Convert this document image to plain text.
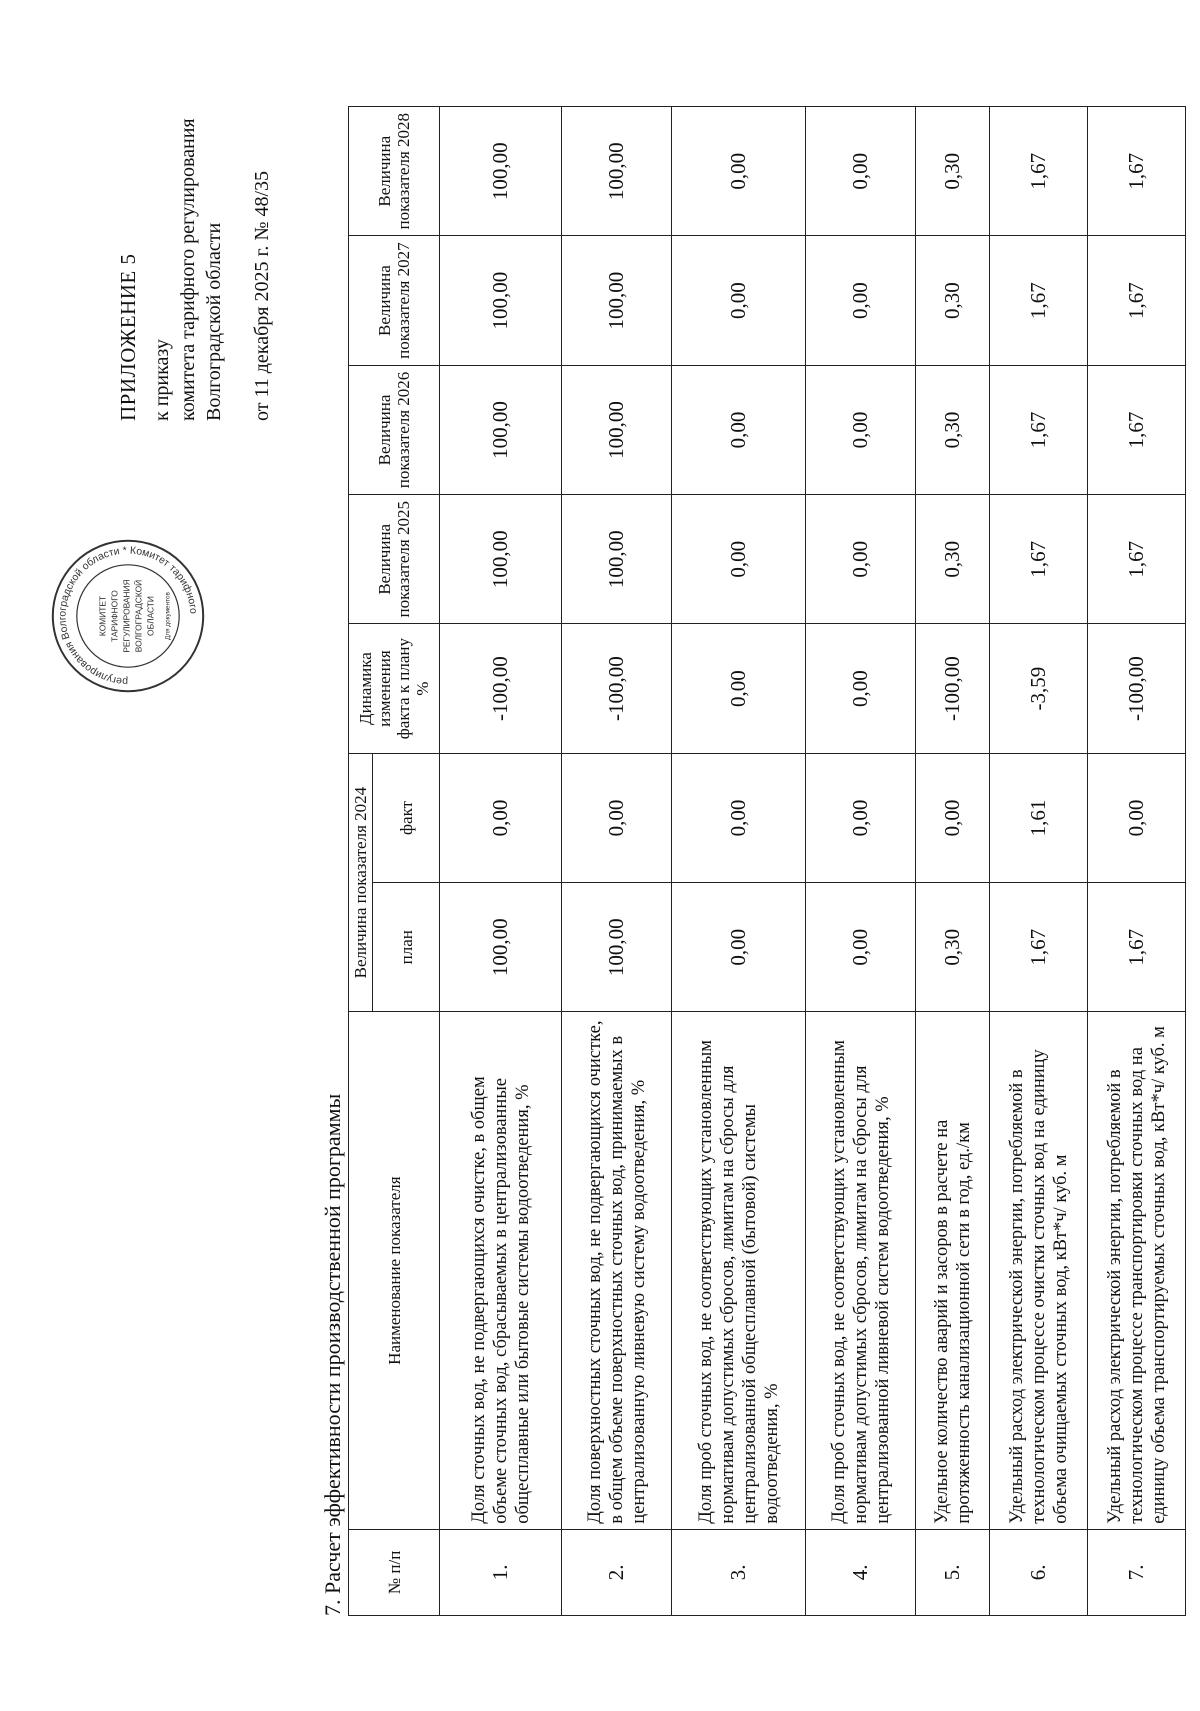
ПРИЛОЖЕНИЕ 5 к приказу комитета тарифного регулирования Волгоградской области от 11 декабря 2025 г. № 48/35
регулирования Волгоградской области * Комитет тарифного
КОМИТЕТ ТАРИФНОГО РЕГУЛИРОВАНИЯ ВОЛГОГРАДСКОЙ ОБЛАСТИ Для документов
7. Расчет эффективности производственной программы № п/п	Наименование показателя	Величина показателя 2024		Динамика изменения факта к плану %	Величина показателя 2025	Величина показателя 2026	Величина показателя 2027	Величина показателя 2028
		план	факт					
1.	Доля сточных вод, не подвергающихся очистке, в общем объеме сточных вод, сбрасываемых в централизованные общесплавные или бытовые системы водоотведения, %	100,00	0,00	-100,00	100,00	100,00	100,00	100,00
2.	Доля поверхностных сточных вод, не подвергающихся очистке, в общем объеме поверхностных сточных вод, принимаемых в централизованную ливневую систему водоотведения, %	100,00	0,00	-100,00	100,00	100,00	100,00	100,00
3.	Доля проб сточных вод, не соответствующих установленным нормативам допустимых сбросов, лимитам на сбросы для централизованной общесплавной (бытовой) системы водоотведения, %	0,00	0,00	0,00	0,00	0,00	0,00	0,00
4.	Доля проб сточных вод, не соответствующих установленным нормативам допустимых сбросов, лимитам на сбросы для централизованной ливневой систем водоотведения, %	0,00	0,00	0,00	0,00	0,00	0,00	0,00
5.	Удельное количество аварий и засоров в расчете на протяженность канализационной сети в год, ед./км	0,30	0,00	-100,00	0,30	0,30	0,30	0,30
6.	Удельный расход электрической энергии, потребляемой в технологическом процессе очистки сточных вод на единицу объема очищаемых сточных вод, кВт*ч/ куб. м	1,67	1,61	-3,59	1,67	1,67	1,67	1,67
7.	Удельный расход электрической энергии, потребляемой в технологическом процессе транспортировки сточных вод на единицу объема транспортируемых сточных вод, кВт*ч/ куб. м	1,67	0,00	-100,00	1,67	1,67	1,67	1,67
